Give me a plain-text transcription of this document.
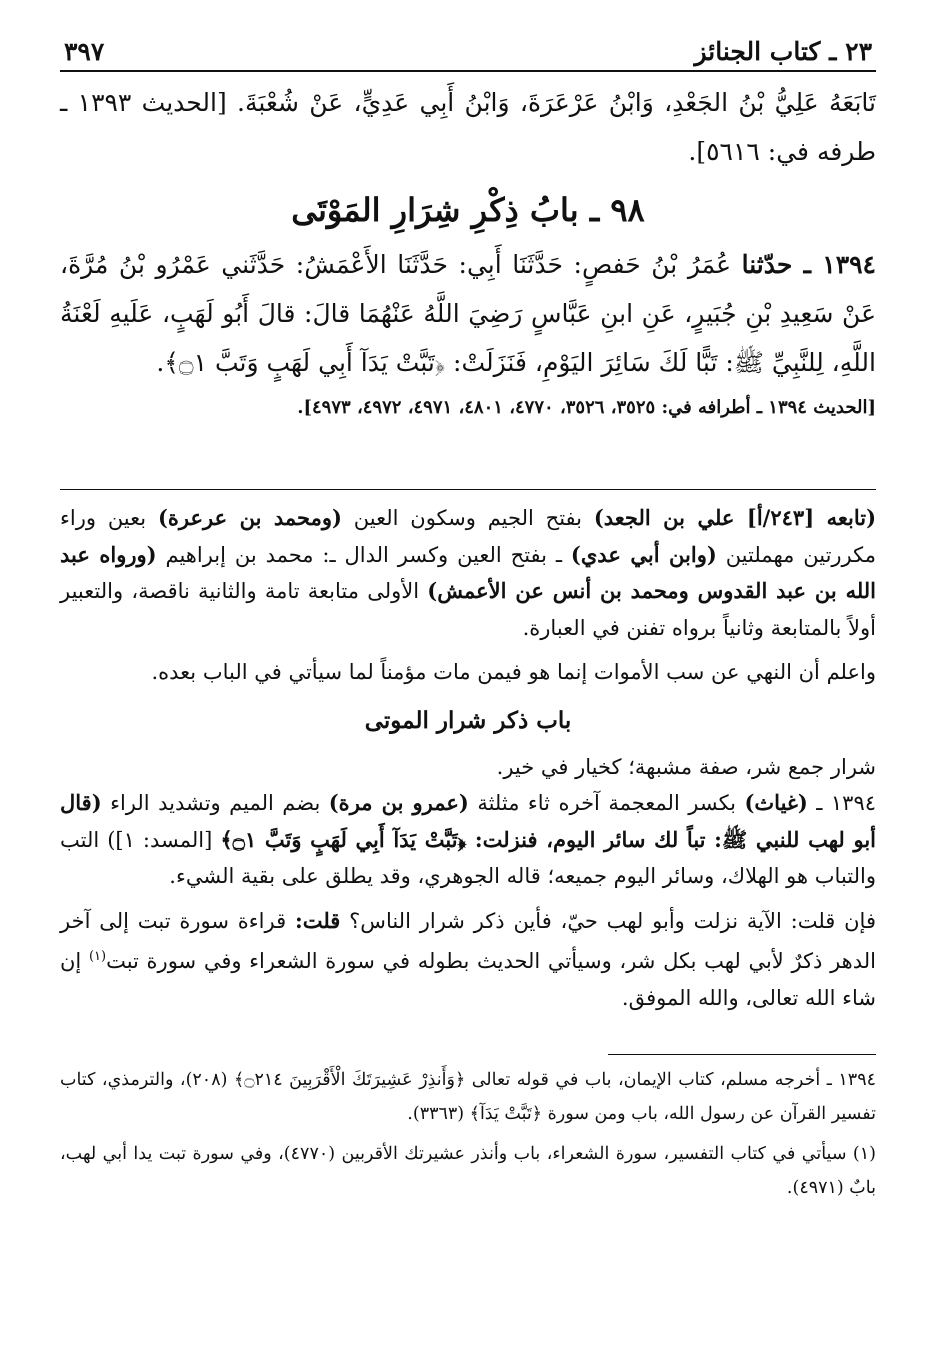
٢٣ ـ كتاب الجنائز
٣٩٧
تَابَعَهُ عَلِيُّ بْنُ الجَعْدِ، وَابْنُ عَرْعَرَةَ، وَابْنُ أَبِي عَدِيٍّ، عَنْ شُعْبَةَ. [الحديث ١٣٩٣ ـ طرفه في: ٥٦١٦].
٩٨ ـ بابُ ذِكْرِ شِرَارِ المَوْتَى
١٣٩٤ ـ حدّثنا عُمَرُ بْنُ حَفصٍ: حَدَّثَنَا أَبِي: حَدَّثَنَا الأَعْمَشُ: حَدَّثَني عَمْرُو بْنُ مُرَّةَ، عَنْ سَعِيدِ بْنِ جُبَيرٍ، عَنِ ابنِ عَبَّاسٍ رَضِيَ اللَّهُ عَنْهُمَا قالَ: قالَ أَبُو لَهَبٍ، عَلَيهِ لَعْنَةُ اللَّهِ، لِلنَّبِيِّ ﷺ: تَبًّا لَكَ سَائِرَ اليَوْمِ، فَنَزَلَتْ: ﴿تَبَّتْ يَدَآ أَبِي لَهَبٍ وَتَبَّ ۝١﴾.
[الحديث ١٣٩٤ ـ أطرافه في: ٣٥٢٥، ٣٥٢٦، ٤٧٧٠، ٤٨٠١، ٤٩٧١، ٤٩٧٢، ٤٩٧٣].
(تابعه [٢٤٣/أ] علي بن الجعد) بفتح الجيم وسكون العين (ومحمد بن عرعرة) بعين وراء مكررتين مهملتين (وابن أبي عدي) ـ بفتح العين وكسر الدال ـ: محمد بن إبراهيم (ورواه عبد الله بن عبد القدوس ومحمد بن أنس عن الأعمش) الأولى متابعة تامة والثانية ناقصة، والتعبير أولاً بالمتابعة وثانياً برواه تفنن في العبارة.
واعلم أن النهي عن سب الأموات إنما هو فيمن مات مؤمناً لما سيأتي في الباب بعده.
باب ذكر شرار الموتى
شرار جمع شر، صفة مشبهة؛ كخيار في خير.
١٣٩٤ ـ (غياث) بكسر المعجمة آخره ثاء مثلثة (عمرو بن مرة) بضم الميم وتشديد الراء (قال أبو لهب للنبي ﷺ: تباً لك سائر اليوم، فنزلت: ﴿تَبَّتْ يَدَآ أَبِي لَهَبٍ وَتَبَّ ۝١﴾ [المسد: ١]) التب والتباب هو الهلاك، وسائر اليوم جميعه؛ قاله الجوهري، وقد يطلق على بقية الشيء.
فإن قلت: الآية نزلت وأبو لهب حيّ، فأين ذكر شرار الناس؟ قلت: قراءة سورة تبت إلى آخر الدهر ذكرٌ لأبي لهب بكل شر، وسيأتي الحديث بطوله في سورة الشعراء وفي سورة تبت$^{(١)}$ إن شاء الله تعالى، والله الموفق.
١٣٩٤ ـ أخرجه مسلم، كتاب الإيمان، باب في قوله تعالى ﴿وَأَنذِرْ عَشِيرَتَكَ الْأَقْرَبِينَ ۝٢١٤﴾ (٢٠٨)، والترمذي، كتاب تفسير القرآن عن رسول الله، باب ومن سورة ﴿تَبَّتْ يَدَآ﴾ (٣٣٦٣).
(١) سيأتي في كتاب التفسير، سورة الشعراء، باب وأنذر عشيرتك الأقربين (٤٧٧٠)، وفي سورة تبت يدا أبي لهب، بابٌ (٤٩٧١).
